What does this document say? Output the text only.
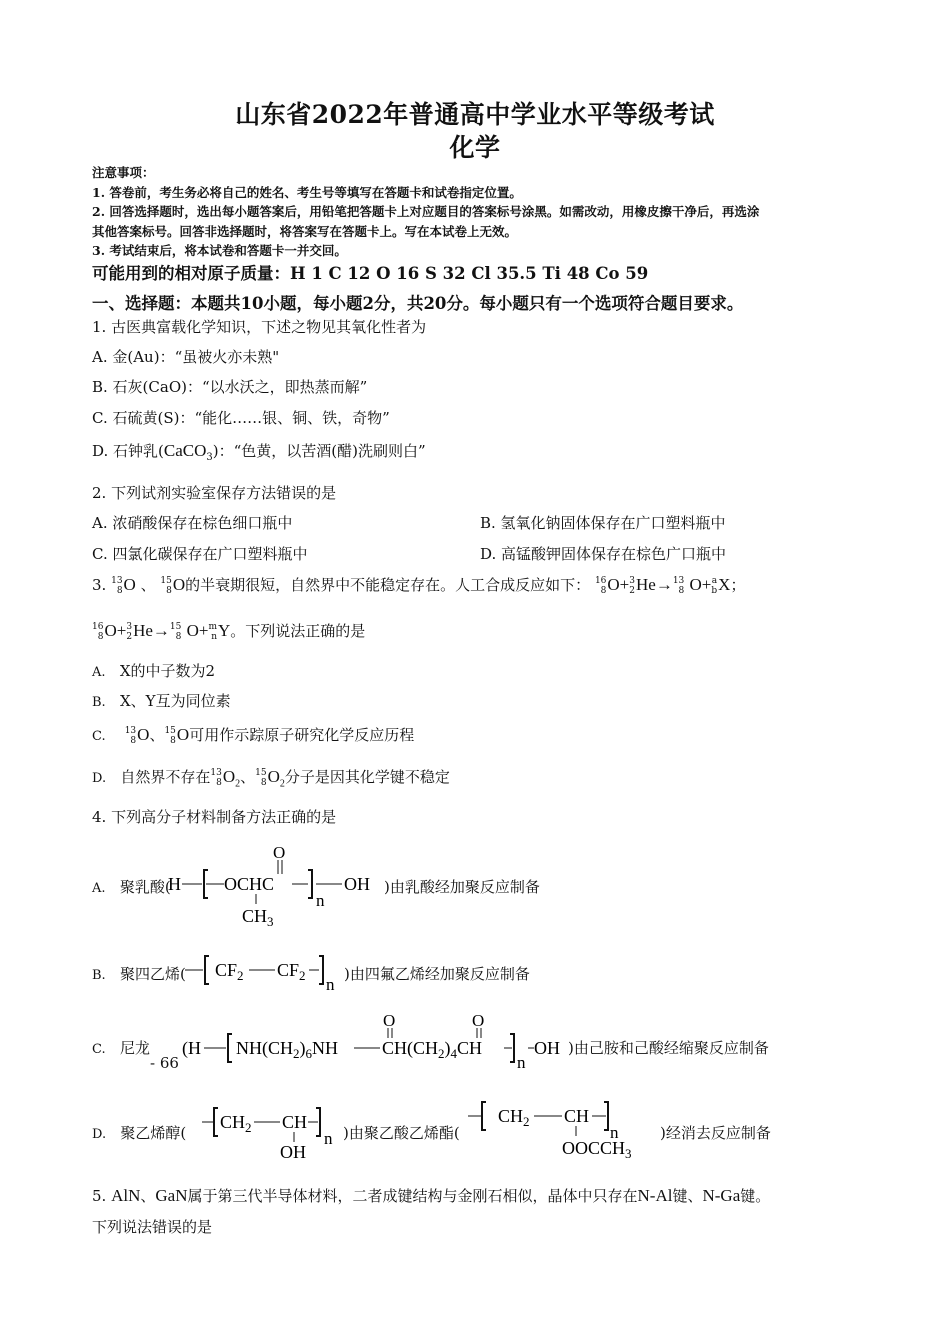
山东省2022年普通高中学业水平等级考试
化学
注意事项：
1. 答卷前，考生务必将自己的姓名、考生号等填写在答题卡和试卷指定位置。
2. 回答选择题时，选出每小题答案后，用铅笔把答题卡上对应题目的答案标号涂黑。如需改动，用橡皮擦干净后，再选涂
其他答案标号。回答非选择题时，将答案写在答题卡上。写在本试卷上无效。
3. 考试结束后，将本试卷和答题卡一并交回。
可能用到的相对原子质量：H 1 C 12 O 16 S 32 Cl 35.5 Ti 48 Co 59
一、选择题：本题共10小题，每小题2分，共20分。每小题只有一个选项符合题目要求。
1. 古医典富载化学知识，下述之物见其氧化性者为
A. 金(Au)：“虽被火亦未熟"
B. 石灰(CaO)：“以水沃之，即热蒸而解”
C. 石硫黄(S)：“能化……银、铜、铁，奇物”
D. 石钟乳(CaCO$_3$)：“色黄，以苦酒(醋)洗刷则白”
2. 下列试剂实验室保存方法错误的是
A. 浓硝酸保存在棕色细口瓶中	B. 氢氧化钠固体保存在广口塑料瓶中
C. 四氯化碳保存在广口塑料瓶中	D. 高锰酸钾固体保存在棕色广口瓶中
3. 13
8 O 、 15
8 O的半衰期很短，自然界中不能稳定存在。人工合成反应如下： 16
8 O+ 3
2 He→ 13
8 O+ a
b X；
16
8 O+ 3
2 He→ 15
8 O+ m
n Y。下列说法正确的是
A. X的中子数为2
B. X、Y互为同位素
C. 13
8 O、 15
8 O可用作示踪原子研究化学反应历程
D. 自然界不存在 13
8 $O_2$、 15
8 $O_2$分子是因其化学键不稳定
4. 下列高分子材料制备方法正确的是
A. 聚乳酸(
H OCHC
O
$CH_3$
n
OH )由乳酸经加聚反应制备
B. 聚四乙烯( $CF_2$ $CF_2$ n
)由四氟乙烯经加聚反应制备
C. 尼龙
- 66
(H $NH(CH_2)_6NH$
O
$CH(CH_2)_4CH$
O
n
OH )由己胺和己酸经缩聚反应制备
D. 聚乙烯醇(
$CH_2$ CH
OH
n )由聚乙酸乙烯酯(
$CH_2$ CH
$OOCCH_3$
n	)经消去反应制备
5. AlN、GaN属于第三代半导体材料，二者成键结构与金刚石相似，晶体中只存在N-Al键、N-Ga键。
下列说法错误的是
